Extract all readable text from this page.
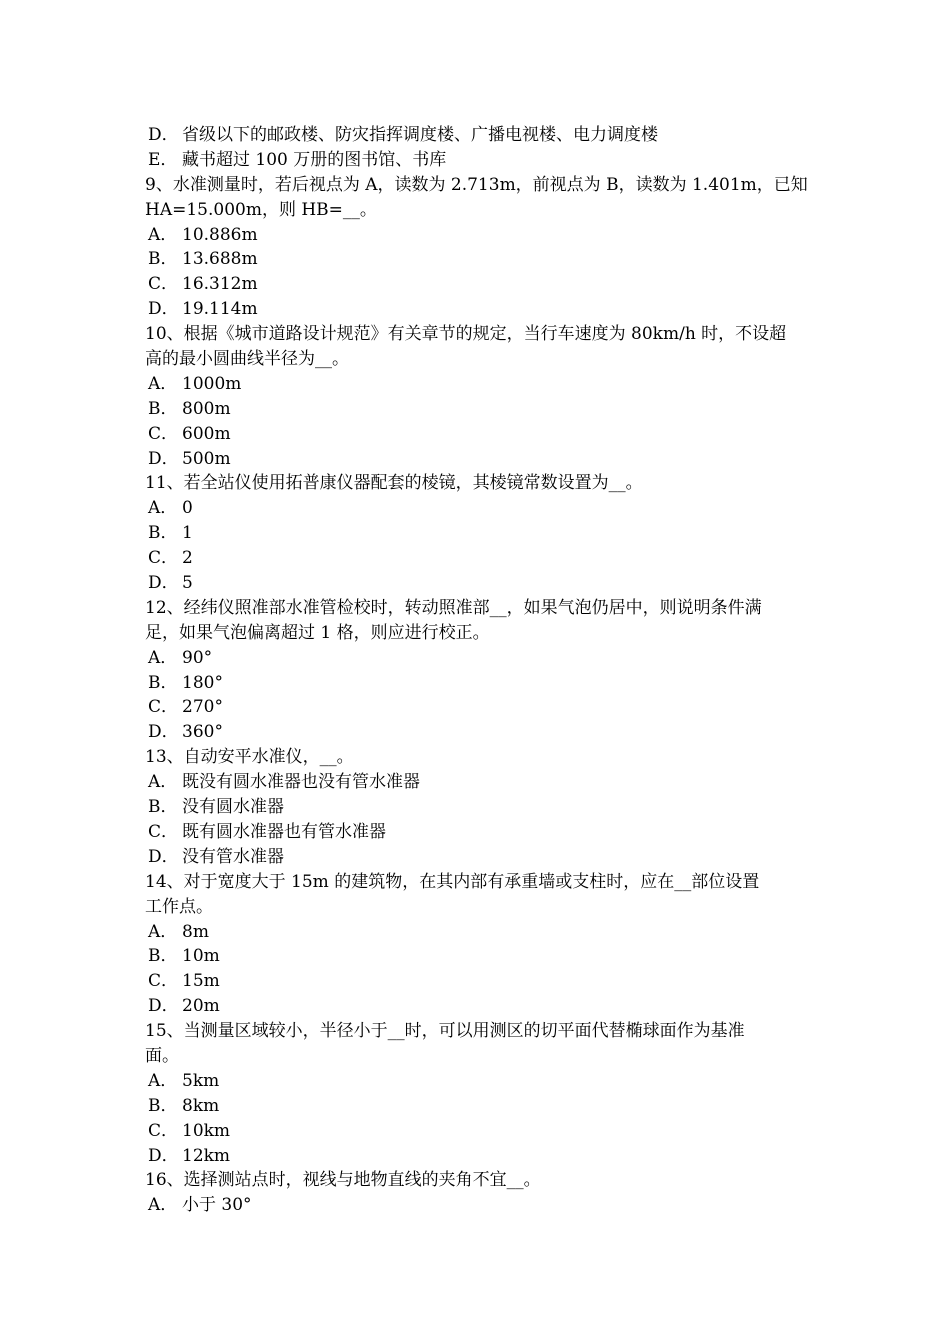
D． 省级以下的邮政楼、防灾指挥调度楼、广播电视楼、电力调度楼
E． 藏书超过 100 万册的图书馆、书库
9、水准测量时，若后视点为 A，读数为 2.713m，前视点为 B，读数为 1.401m，已知
HA=15.000m，则 HB=__。
A． 10.886m
B． 13.688m
C． 16.312m
D． 19.114m
10、根据《城市道路设计规范》有关章节的规定，当行车速度为 80km/h 时，不设超
高的最小圆曲线半径为__。
A． 1000m
B． 800m
C． 600m
D． 500m
11、若全站仪使用拓普康仪器配套的棱镜，其棱镜常数设置为__。
A． 0
B． 1
C． 2
D． 5
12、经纬仪照准部水准管检校时，转动照准部__，如果气泡仍居中，则说明条件满
足，如果气泡偏离超过 1 格，则应进行校正。
A． 90°
B． 180°
C． 270°
D． 360°
13、自动安平水准仪，__。
A． 既没有圆水准器也没有管水准器
B． 没有圆水准器
C． 既有圆水准器也有管水准器
D． 没有管水准器
14、对于宽度大于 15m 的建筑物，在其内部有承重墙或支柱时，应在__部位设置
工作点。
A． 8m
B． 10m
C． 15m
D． 20m
15、当测量区域较小，半径小于__时，可以用测区的切平面代替椭球面作为基准
面。
A． 5km
B． 8km
C． 10km
D． 12km
16、选择测站点时，视线与地物直线的夹角不宜__。
A． 小于 30°
